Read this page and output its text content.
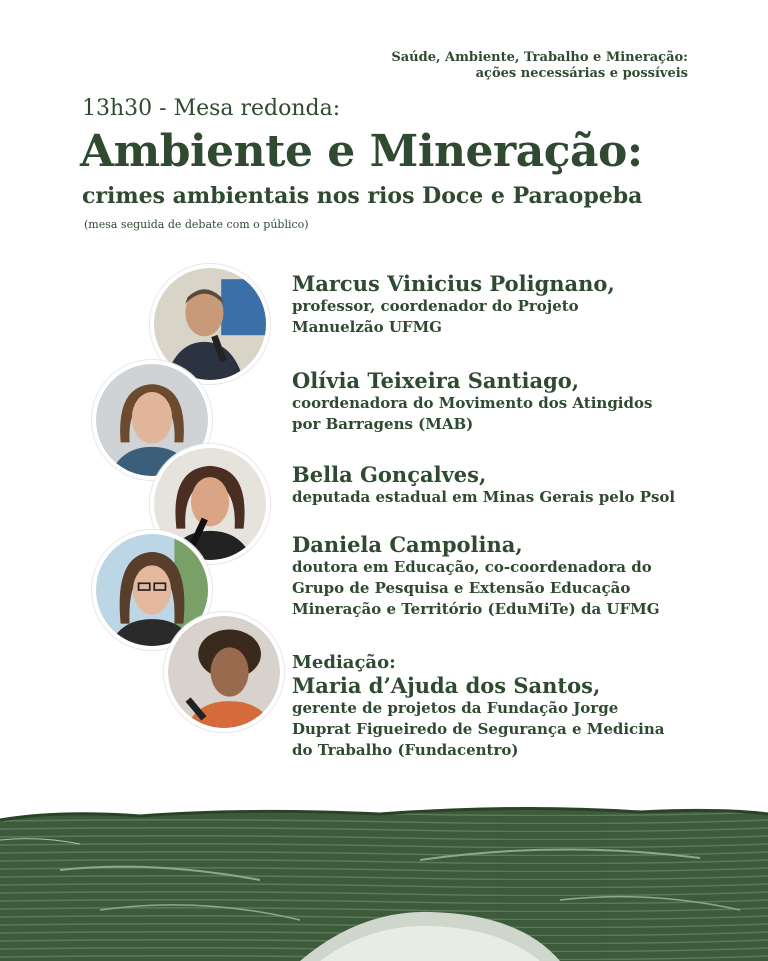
Saúde, Ambiente, Trabalho e Mineração:
ações necessárias e possíveis
13h30 - Mesa redonda:
Ambiente e Mineração:
crimes ambientais nos rios Doce e Paraopeba
(mesa seguida de debate com o público)
Marcus Vinicius Polignano,
professor, coordenador do Projeto
Manuelzão UFMG
Olívia Teixeira Santiago,
coordenadora do Movimento dos Atingidos
por Barragens (MAB)
Bella Gonçalves,
deputada estadual em Minas Gerais pelo Psol
Daniela Campolina,
doutora em Educação, co-coordenadora do
Grupo de Pesquisa e Extensão Educação
Mineração e Território (EduMiTe) da UFMG
Mediação:
Maria d’Ajuda dos Santos,
gerente de projetos da Fundação Jorge
Duprat Figueiredo de Segurança e Medicina
do Trabalho (Fundacentro)
